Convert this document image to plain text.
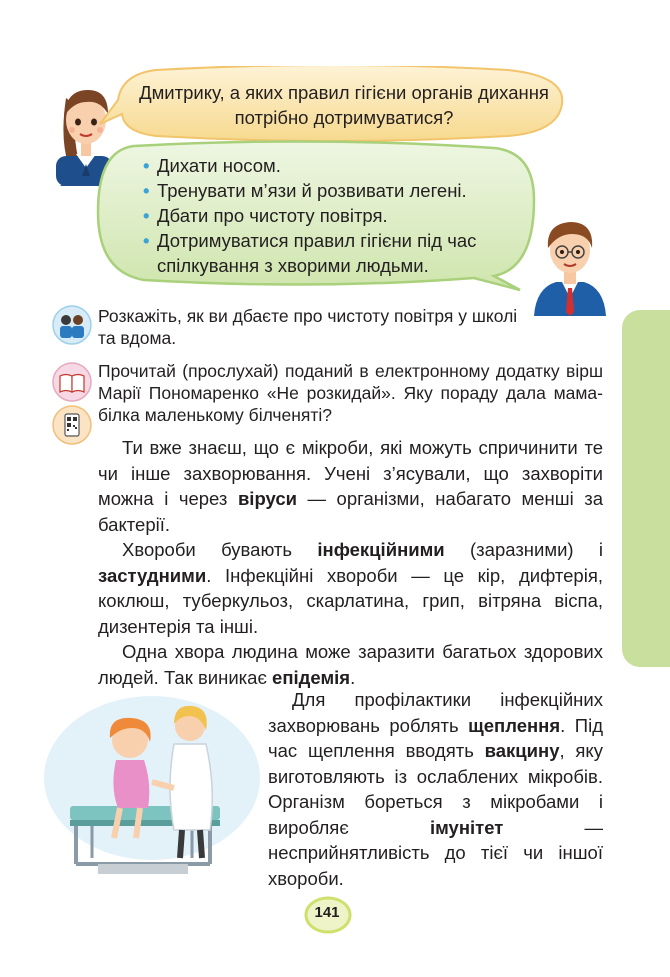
Дмитрику, а яких правил гігієни органів дихання потрібно дотримуватися?
• Дихати носом.
• Тренувати м’язи й розвивати легені.
• Дбати про чистоту повітря.
• Дотримуватися правил гігієни під час спілкування з хворими людьми.
Розкажіть, як ви дбаєте про чистоту повітря у школі та вдома.
Прочитай (прослухай) поданий в електронному додатку вірш Марії Пономаренко «Не розкидай». Яку пораду дала мама-білка маленькому білченяті?

Ти вже знаєш, що є мікроби, які можуть спричинити те чи інше захворювання. Учені з’ясували, що захворіти можна і через віруси — організми, набагато менші за бактерії.

Хвороби бувають інфекційними (заразними) і застудними. Інфекційні хвороби — це кір, дифтерія, коклюш, туберкульоз, скарлатина, грип, вітряна віспа, дизентерія та інші.

Одна хвора людина може заразити багатьох здорових людей. Так виникає епідемія.

Для профілактики інфекційних захворювань роблять щеплення. Під час щеплення вводять вакцину, яку виготовляють із ослаблених мікробів. Організм бореться з мікробами і виробляє імунітет — несприйнятливість до тієї чи іншої хвороби.

141
